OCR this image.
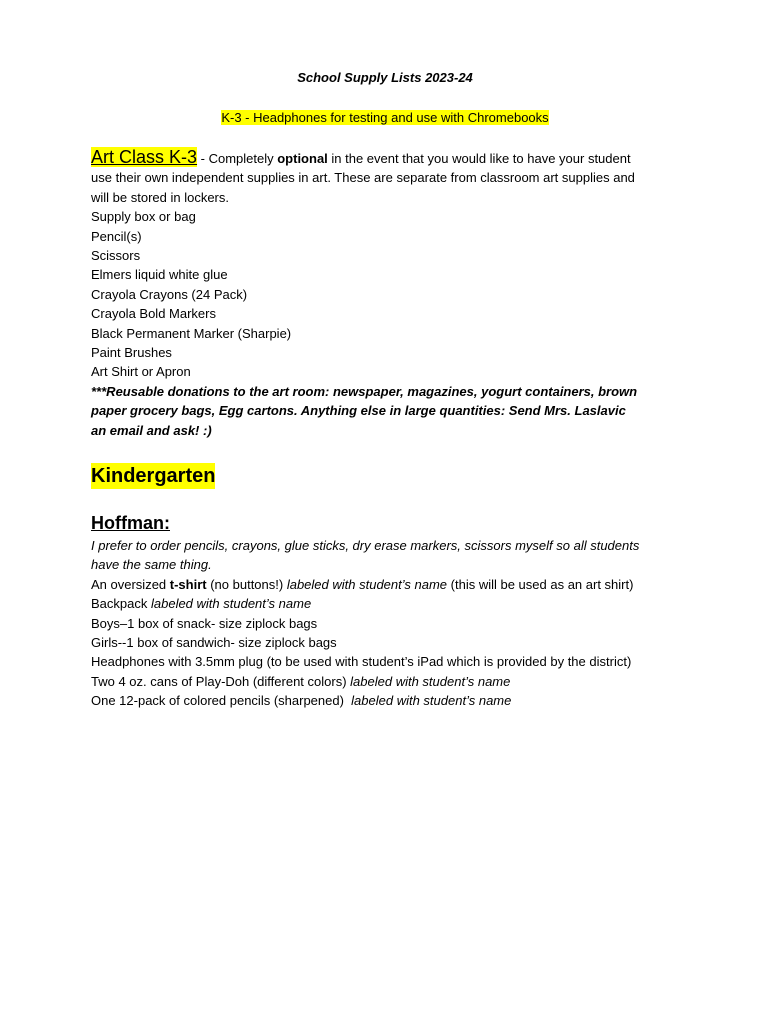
School Supply Lists 2023-24
K-3 - Headphones for testing and use with Chromebooks
Art Class K-3 - Completely optional in the event that you would like to have your student
use their own independent supplies in art. These are separate from classroom art supplies and
will be stored in lockers.
Supply box or bag
Pencil(s)
Scissors
Elmers liquid white glue
Crayola Crayons (24 Pack)
Crayola Bold Markers
Black Permanent Marker (Sharpie)
Paint Brushes
Art Shirt or Apron
***Reusable donations to the art room: newspaper, magazines, yogurt containers, brown
paper grocery bags, Egg cartons. Anything else in large quantities: Send Mrs. Laslavic
an email and ask! :)
Kindergarten
Hoffman:
I prefer to order pencils, crayons, glue sticks, dry erase markers, scissors myself so all students
have the same thing.
An oversized t-shirt (no buttons!) labeled with student’s name (this will be used as an art shirt)
Backpack labeled with student’s name
Boys–1 box of snack- size ziplock bags
Girls--1 box of sandwich- size ziplock bags
Headphones with 3.5mm plug (to be used with student’s iPad which is provided by the district)
Two 4 oz. cans of Play-Doh (different colors) labeled with student’s name
One 12-pack of colored pencils (sharpened)  labeled with student’s name
